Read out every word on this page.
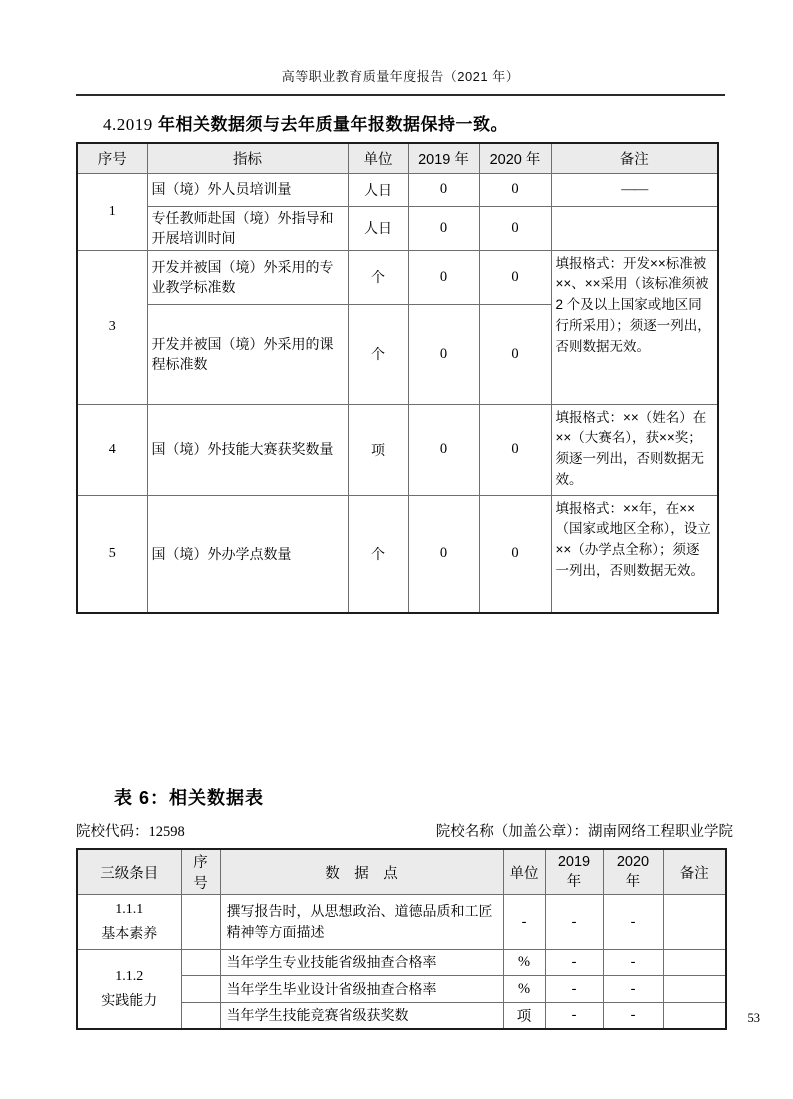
高等职业教育质量年度报告（2021 年）
4.2019 年相关数据须与去年质量年报数据保持一致。
序号	指标	单位	2019 年	2020 年	备注
1	国（境）外人员培训量	人日	0	0	——
	专任教师赴国（境）外指导和开展培训时间	人日	0	0	
3	开发并被国（境）外采用的专业教学标准数	个	0	0	填报格式：开发××标准被××、××采用（该标准须被 2 个及以上国家或地区同行所采用）；须逐一列出，否则数据无效。
	开发并被国（境）外采用的课程标准数	个	0	0	
4	国（境）外技能大赛获奖数量	项	0	0	填报格式：××（姓名）在××（大赛名），获××奖；须逐一列出，否则数据无效。
5	国（境）外办学点数量	个	0	0	填报格式：××年，在××（国家或地区全称），设立××（办学点全称）；须逐一列出，否则数据无效。
表 6：相关数据表
院校代码：12598	院校名称（加盖公章）：湖南网络工程职业学院
三级条目	序号	数　据　点	单位	2019 年	2020 年	备注

1.1.1
基本素养		撰写报告时，从思想政治、道德品质和工匠精神等方面描述	-	-	-	

1.1.2
实践能力		当年学生专业技能省级抽查合格率	%	-	-	
		当年学生毕业设计省级抽查合格率	%	-	-	
		当年学生技能竞赛省级获奖数	项	-	-		53
